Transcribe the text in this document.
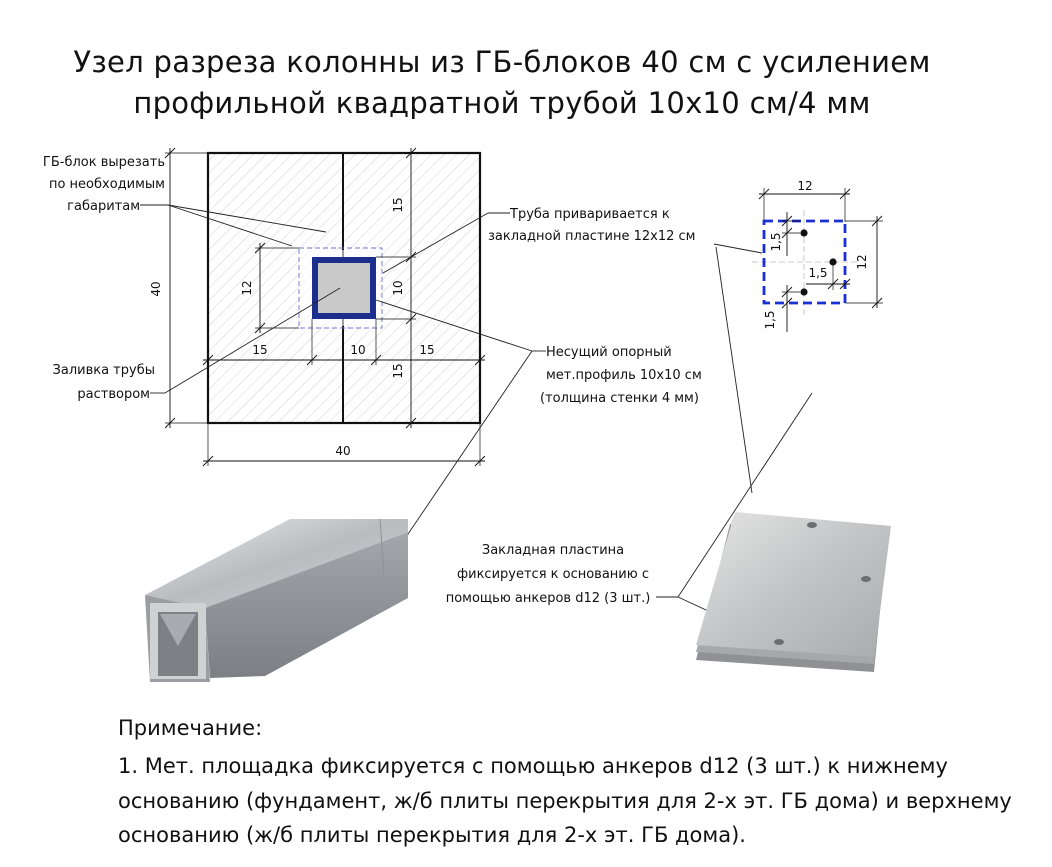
Узел разреза колонны из ГБ-блоков 40 см с усилением
профильной квадратной трубой 10х10 см/4 мм
40
40
15
10
15
12
15	10	15
ГБ-блок вырезать
по необходимым
габаритам
Заливка трубы
раствором
Труба приваривается к
закладной пластине 12х12 см
Несущий опорный
мет.профиль 10х10 см
(толщина стенки 4 мм)
Закладная пластина
фиксируется к основанию с
помощью анкеров d12 (3 шт.)
12
12
1,5
1,5
1,5
Примечание:
1. Мет. площадка фиксируется с помощью анкеров d12 (3 шт.) к нижнему
основанию (фундамент, ж/б плиты перекрытия для 2-х эт. ГБ дома) и верхнему
основанию (ж/б плиты перекрытия для 2-х эт. ГБ дома).
